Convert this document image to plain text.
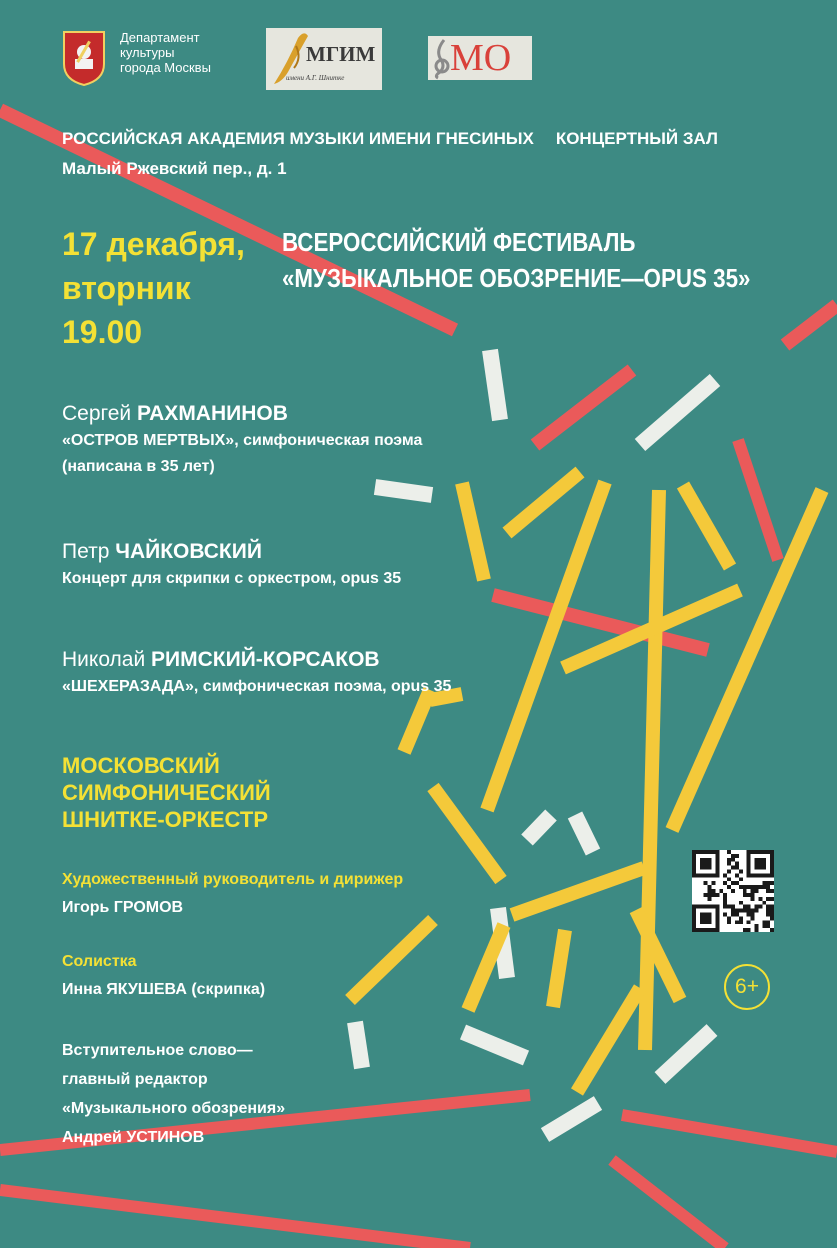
Департамент
культуры
города Москвы
МГИМ
имени А.Г. Шнитке	МО
РОССИЙСКАЯ АКАДЕМИЯ МУЗЫКИ ИМЕНИ ГНЕСИНЫХ КОНЦЕРТНЫЙ ЗАЛ
Малый Ржевский пер., д. 1
17 декабря,
вторник
19.00
ВСЕРОССИЙСКИЙ ФЕСТИВАЛЬ
«МУЗЫКАЛЬНОЕ ОБОЗРЕНИЕ—OPUS 35»
Сергей РАХМАНИНОВ
«ОСТРОВ МЕРТВЫХ», симфоническая поэма
(написана в 35 лет)
Петр ЧАЙКОВСКИЙ
Концерт для скрипки с оркестром, opus 35
Николай РИМСКИЙ-КОРСАКОВ
«ШЕХЕРАЗАДА», симфоническая поэма, opus 35
МОСКОВСКИЙ
СИМФОНИЧЕСКИЙ
ШНИТКЕ-ОРКЕСТР
Художественный руководитель и дирижер
Игорь ГРОМОВ
Солистка
Инна ЯКУШЕВА (скрипка)
Вступительное слово—
главный редактор
«Музыкального обозрения»
Андрей УСТИНОВ
6+
